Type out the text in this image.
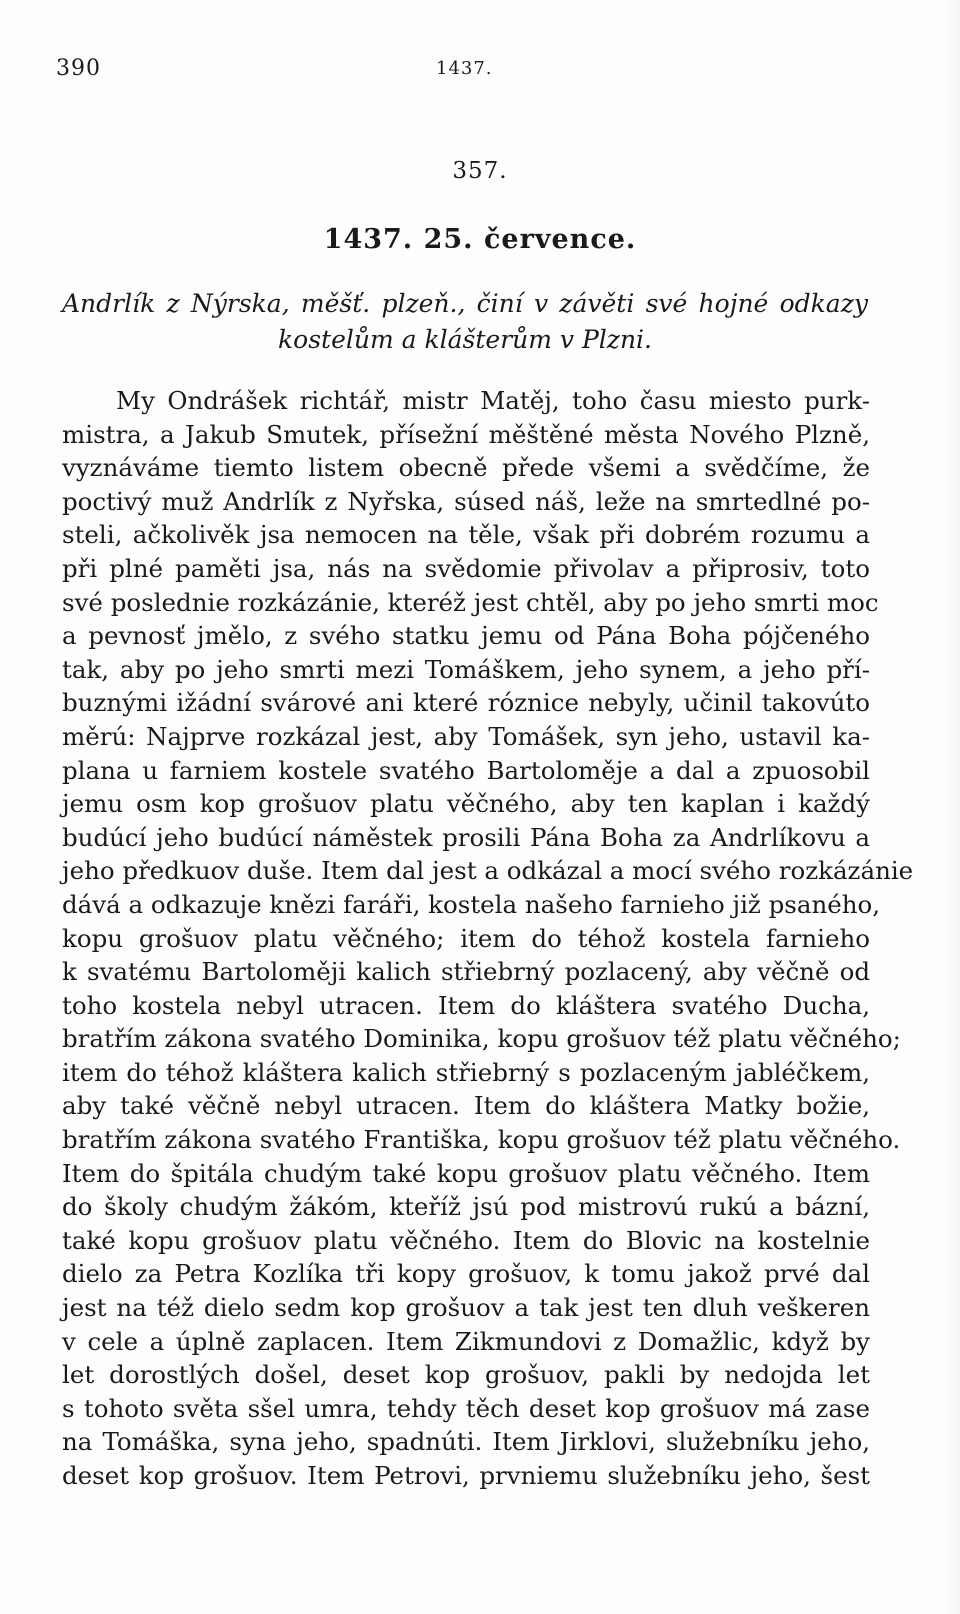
390	1437.
357.
1437. 25. července.
Andrlík z Nýrska, měšť. plzeň., činí v závěti své hojné odkazy
kostelům a klášterům v Plzni.
My Ondrášek richtář, mistr Matěj, toho času miesto purk-
mistra, a Jakub Smutek, přísežní měštěné města Nového Plzně,
vyznáváme tiemto listem obecně přede všemi a svědčíme, že
poctivý muž Andrlík z Nyřska, súsed náš, leže na smrtedlné po-
steli, ačkolivěk jsa nemocen na těle, však při dobrém rozumu a
při plné paměti jsa, nás na svědomie přivolav a připrosiv, toto
své poslednie rozkázánie, kteréž jest chtěl, aby po jeho smrti moc
a pevnosť jmělo, z svého statku jemu od Pána Boha pójčeného
tak, aby po jeho smrti mezi Tomáškem, jeho synem, a jeho pří-
buznými ižádní svárové ani které róznice nebyly, učinil takovúto
měrú: Najprve rozkázal jest, aby Tomášek, syn jeho, ustavil ka-
plana u farniem kostele svatého Bartoloměje a dal a zpuosobil
jemu osm kop grošuov platu věčného, aby ten kaplan i každý
budúcí jeho budúcí náměstek prosili Pána Boha za Andrlíkovu a
jeho předkuov duše. Item dal jest a odkázal a mocí svého rozkázánie
dává a odkazuje knězi faráři, kostela našeho farnieho již psaného,
kopu grošuov platu věčného; item do téhož kostela farnieho
k svatému Bartoloměji kalich střiebrný pozlacený, aby věčně od
toho kostela nebyl utracen. Item do kláštera svatého Ducha,
bratřím zákona svatého Dominika, kopu grošuov též platu věčného;
item do téhož kláštera kalich střiebrný s pozlaceným jabléčkem,
aby také věčně nebyl utracen. Item do kláštera Matky božie,
bratřím zákona svatého Františka, kopu grošuov též platu věčného.
Item do špitála chudým také kopu grošuov platu věčného. Item
do školy chudým žákóm, kteříž jsú pod mistrovú rukú a bázní,
také kopu grošuov platu věčného. Item do Blovic na kostelnie
dielo za Petra Kozlíka tři kopy grošuov, k tomu jakož prvé dal
jest na též dielo sedm kop grošuov a tak jest ten dluh veškeren
v cele a úplně zaplacen. Item Zikmundovi z Domažlic, když by
let dorostlých došel, deset kop grošuov, pakli by nedojda let
s tohoto světa sšel umra, tehdy těch deset kop grošuov má zase
na Tomáška, syna jeho, spadnúti. Item Jirklovi, služebníku jeho,
deset kop grošuov. Item Petrovi, prvniemu služebníku jeho, šest
